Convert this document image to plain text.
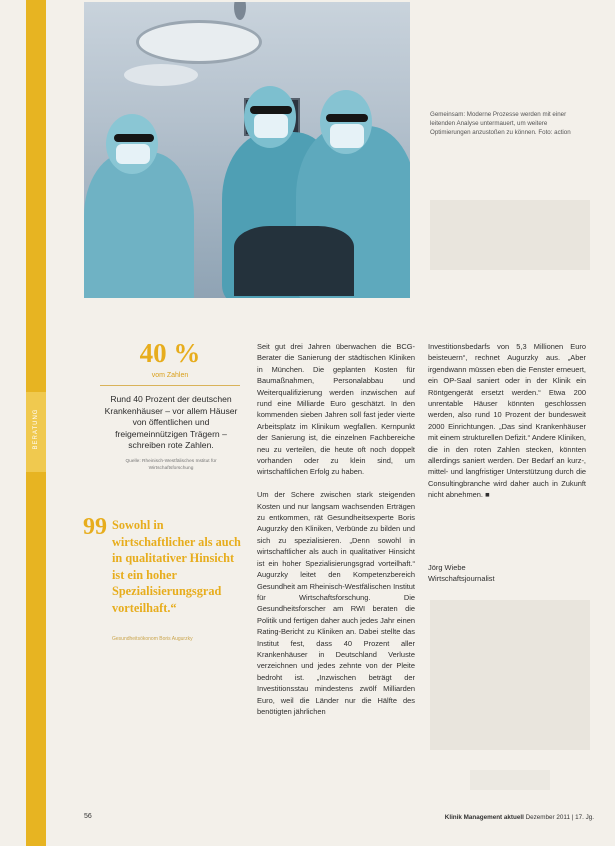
BERATUNG
Gemeinsam: Moderne Prozesse werden mit einer leitenden Analyse untermauert, um weitere Optimierungen anzustoßen zu können. Foto: action
40 %
vom Zahlen
Rund 40 Prozent der deutschen Krankenhäuser – vor allem Häuser von öffentlichen und freigemeinnützigen Trägern – schreiben rote Zahlen.
Quelle: Rheinisch-Westfälisches Institut für Wirtschaftsforschung
99 Sowohl in wirtschaftlicher als auch in qualitativer Hinsicht ist ein hoher Spezialisierungsgrad vorteilhaft.“
Gesundheitsökonom Boris Augurzky

Seit gut drei Jahren überwachen die BCG-Berater die Sanierung der städtischen Kliniken in München. Die geplanten Kosten für Baumaßnahmen, Personalabbau und Weiterqualifizierung werden inzwischen auf rund eine Milliarde Euro geschätzt. In den kommenden sieben Jahren soll fast jeder vierte Arbeitsplatz im Klinikum wegfallen. Kernpunkt der Sanierung ist, die einzelnen Fachbereiche neu zu verteilen, die heute oft noch doppelt vorhanden oder zu klein sind, um wirtschaftlichen Erfolg zu haben.

Um der Schere zwischen stark steigenden Kosten und nur langsam wachsenden Erträgen zu entkommen, rät Gesundheitsexperte Boris Augurzky den Kliniken, Verbünde zu bilden und sich zu spezialisieren. „Denn sowohl in wirtschaftlicher als auch in qualitativer Hinsicht ist ein hoher Spezialisierungsgrad vorteilhaft.“ Augurzky leitet den Kompetenzbereich Gesundheit am Rheinisch-Westfälischen Institut für Wirtschaftsforschung. Die Gesundheitsforscher am RWI beraten die Politik und fertigen daher auch jedes Jahr einen Rating-Bericht zu Kliniken an. Dabei stellte das Institut fest, dass 40 Prozent aller Krankenhäuser in Deutschland Verluste verzeichnen und jedes zehnte von der Pleite bedroht ist. „Inzwischen beträgt der Investitionsstau mindestens zwölf Milliarden Euro, weil die Länder nur die Hälfte des benötigten jährlichen

Investitionsbedarfs von 5,3 Millionen Euro beisteuern“, rechnet Augurzky aus. „Aber irgendwann müssen eben die Fenster erneuert, ein OP-Saal saniert oder in der Klinik ein Röntgengerät ersetzt werden.“ Etwa 200 unrentable Häuser könnten geschlossen werden, also rund 10 Prozent der bundesweit 2000 Einrichtungen. „Das sind Krankenhäuser mit einem strukturellen Defizit.“ Andere Kliniken, die in den roten Zahlen stecken, könnten allerdings saniert werden. Der Bedarf an kurz-, mittel- und langfristiger Unterstützung durch die Consultingbranche wird daher auch in Zukunft nicht abnehmen. ■

Jörg Wiebe
Wirtschaftsjournalist
56	Klinik Management aktuell Dezember 2011 | 17. Jg.
